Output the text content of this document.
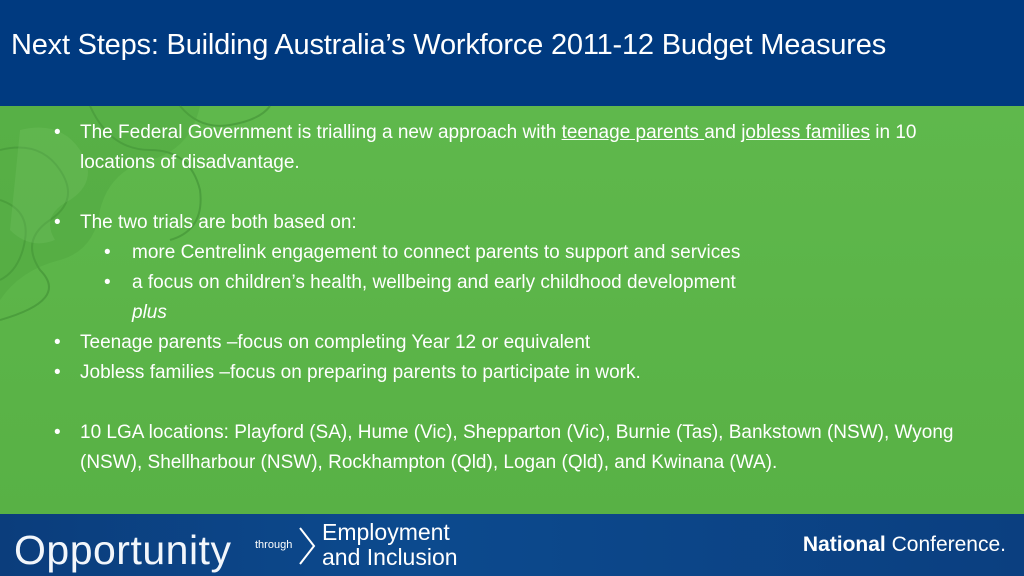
Next Steps: Building Australia’s Workforce 2011-12 Budget Measures
• The Federal Government is trialling a new approach with teenage parents and jobless families in 10 locations of disadvantage.
• The two trials are both based on:
• more Centrelink engagement to connect parents to support and services
• a focus on children’s health, wellbeing and early childhood development
plus
• Teenage parents –focus on completing Year 12 or equivalent
• Jobless families –focus on preparing parents to participate in work.
• 10 LGA locations: Playford (SA), Hume (Vic), Shepparton (Vic), Burnie (Tas), Bankstown (NSW), Wyong (NSW), Shellharbour (NSW), Rockhampton (Qld), Logan (Qld), and Kwinana (WA).
Opportunity through Employment
and Inclusion	National Conference.
